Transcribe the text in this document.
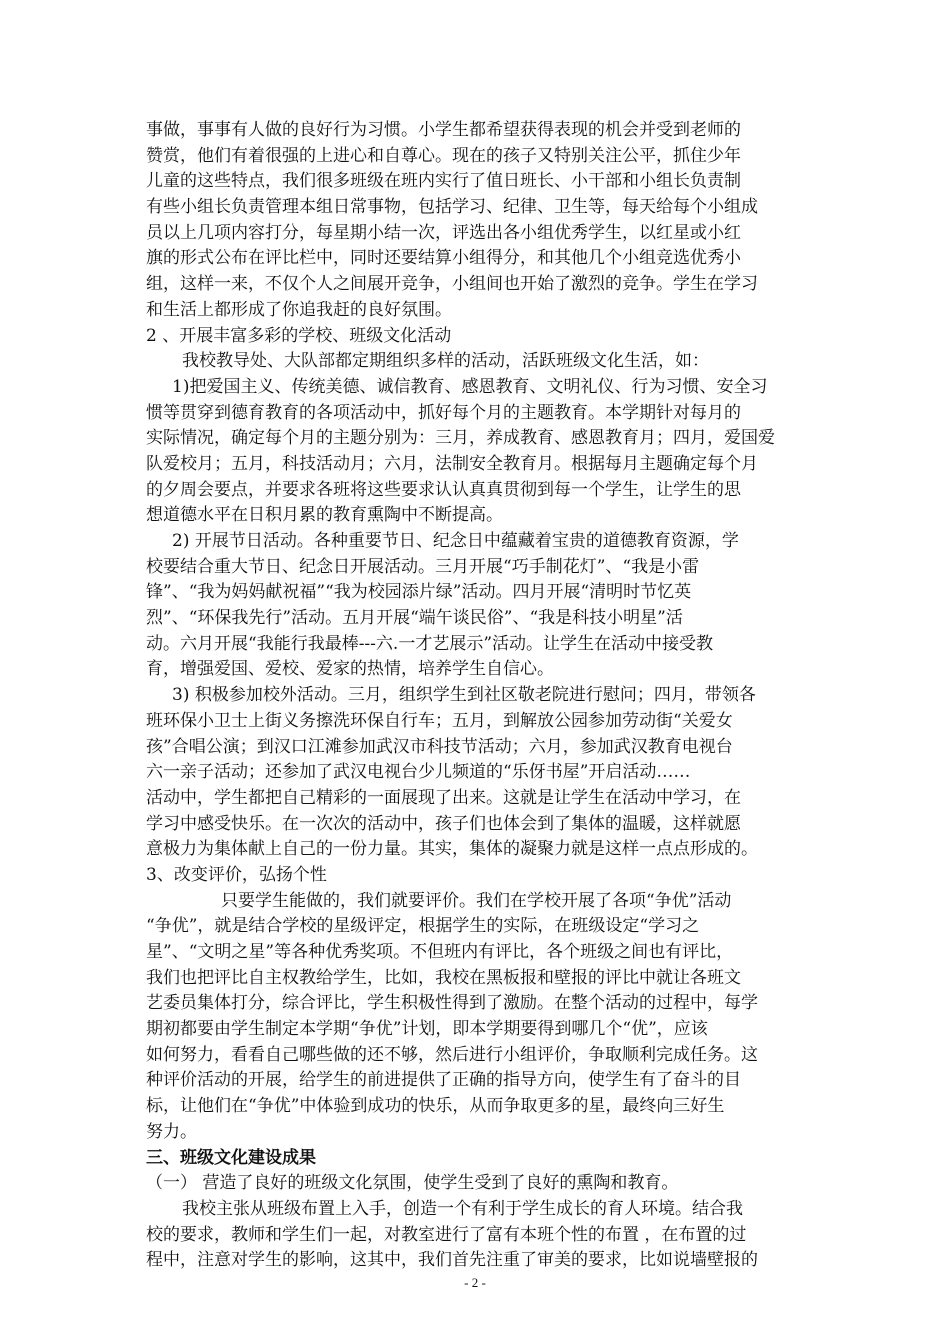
事做，事事有人做的良好行为习惯。小学生都希望获得表现的机会并受到老师的
赞赏，他们有着很强的上进心和自尊心。现在的孩子又特别关注公平，抓住少年
儿童的这些特点，我们很多班级在班内实行了值日班长、小干部和小组长负责制
有些小组长负责管理本组日常事物，包括学习、纪律、卫生等，每天给每个小组成
员以上几项内容打分，每星期小结一次，评选出各小组优秀学生，以红星或小红
旗的形式公布在评比栏中，同时还要结算小组得分，和其他几个小组竞选优秀小
组，这样一来，不仅个人之间展开竞争，小组间也开始了激烈的竞争。学生在学习
和生活上都形成了你追我赶的良好氛围。
2 、开展丰富多彩的学校、班级文化活动
我校教导处、大队部都定期组织多样的活动，活跃班级文化生活，如：
1)把爱国主义、传统美德、诚信教育、感恩教育、文明礼仪、行为习惯、安全习
惯等贯穿到德育教育的各项活动中，抓好每个月的主题教育。本学期针对每月的
实际情况，确定每个月的主题分别为：三月，养成教育、感恩教育月；四月，爱国爱
队爱校月；五月，科技活动月；六月，法制安全教育月。根据每月主题确定每个月
的夕周会要点，并要求各班将这些要求认认真真贯彻到每一个学生，让学生的思
想道德水平在日积月累的教育熏陶中不断提高。
2) 开展节日活动。各种重要节日、纪念日中蕴藏着宝贵的道德教育资源，学
校要结合重大节日、纪念日开展活动。三月开展“巧手制花灯”、“我是小雷
锋”、“我为妈妈献祝福”“我为校园添片绿”活动。四月开展“清明时节忆英
烈”、“环保我先行”活动。五月开展“端午谈民俗”、“我是科技小明星”活
动。六月开展“我能行我最棒---六.一才艺展示”活动。让学生在活动中接受教
育，增强爱国、爱校、爱家的热情，培养学生自信心。
3) 积极参加校外活动。三月，组织学生到社区敬老院进行慰问；四月，带领各
班环保小卫士上街义务擦洗环保自行车；五月，到解放公园参加劳动街“关爱女
孩”合唱公演；到汉口江滩参加武汉市科技节活动；六月，参加武汉教育电视台
六一亲子活动；还参加了武汉电视台少儿频道的“乐伢书屋”开启活动……
活动中，学生都把自己精彩的一面展现了出来。这就是让学生在活动中学习，在
学习中感受快乐。在一次次的活动中，孩子们也体会到了集体的温暖，这样就愿
意极力为集体献上自己的一份力量。其实，集体的凝聚力就是这样一点点形成的。
3、改变评价，弘扬个性
只要学生能做的，我们就要评价。我们在学校开展了各项“争优”活动
“争优”，就是结合学校的星级评定，根据学生的实际，在班级设定“学习之
星”、“文明之星”等各种优秀奖项。不但班内有评比，各个班级之间也有评比，
我们也把评比自主权教给学生，比如，我校在黑板报和壁报的评比中就让各班文
艺委员集体打分，综合评比，学生积极性得到了激励。在整个活动的过程中，每学
期初都要由学生制定本学期“争优”计划，即本学期要得到哪几个“优”，应该
如何努力，看看自己哪些做的还不够，然后进行小组评价，争取顺利完成任务。这
种评价活动的开展，给学生的前进提供了正确的指导方向，使学生有了奋斗的目
标，让他们在“争优”中体验到成功的快乐，从而争取更多的星，最终向三好生
努力。
三、班级文化建设成果
（一） 营造了良好的班级文化氛围，使学生受到了良好的熏陶和教育。
我校主张从班级布置上入手，创造一个有利于学生成长的育人环境。结合我
校的要求，教师和学生们一起，对教室进行了富有本班个性的布置 ，在布置的过
程中，注意对学生的影响，这其中，我们首先注重了审美的要求，比如说墙壁报的
- 2 -
